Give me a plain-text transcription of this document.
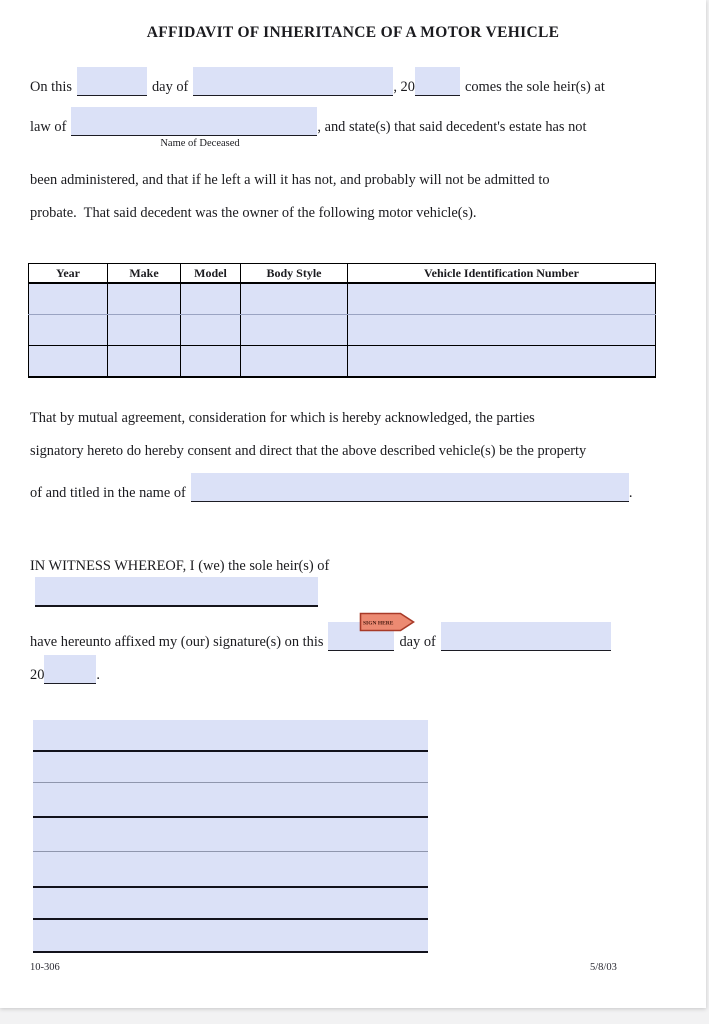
AFFIDAVIT OF INHERITANCE OF A MOTOR VEHICLE
On this	day of	, 20	comes the sole heir(s) at
law of	, and state(s) that said decedent's estate has not
Name of Deceased
been administered, and that if he left a will it has not, and probably will not be admitted to
probate.  That said decedent was the owner of the following motor vehicle(s).
Year	Make	Model	Body Style	Vehicle Identification Number

That by mutual agreement, consideration for which is hereby acknowledged, the parties
signatory hereto do hereby consent and direct that the above described vehicle(s) be the property
of and titled in the name of	.
IN WITNESS WHEREOF, I (we) the sole heir(s) of
have hereunto affixed my (our) signature(s) on this	day of
SIGN HERE
20	.
10-306	5/8/03
